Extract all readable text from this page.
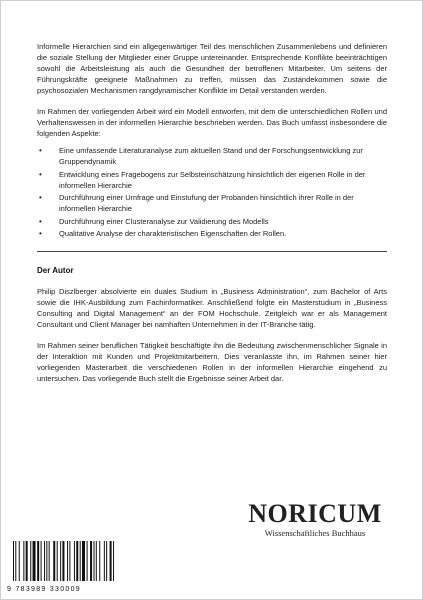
Informelle Hierarchien sind ein allgegenwärtiger Teil des menschlichen Zusammenlebens und definieren die soziale Stellung der Mitglieder einer Gruppe untereinander. Entsprechende Konflikte beeinträchtigen sowohl die Arbeitsleistung als auch die Gesundheit der betroffenen Mitarbeiter. Um seitens der Führungskräfte geeignete Maßnahmen zu treffen, müssen das Zustandekommen sowie die psychosozialen Mechanismen rangdynamischer Konflikte im Detail verstanden werden.

Im Rahmen der vorliegenden Arbeit wird ein Modell entworfen, mit dem die unterschiedlichen Rollen und Verhaltensweisen in der informellen Hierarchie beschrieben werden. Das Buch umfasst insbesondere die folgenden Aspekte:

• Eine umfassende Literaturanalyse zum aktuellen Stand und der Forschungsentwicklung zur Gruppendynamik
• Entwicklung eines Fragebogens zur Selbsteinschätzung hinsichtlich der eigenen Rolle in der informellen Hierarchie
• Durchführung einer Umfrage und Einstufung der Probanden hinsichtlich ihrer Rolle in der informellen Hierarchie
• Durchführung einer Clusteranalyse zur Validierung des Modells
• Qualitative Analyse der charakteristischen Eigenschaften der Rollen.
Der Autor

Philip Diszlberger absolvierte ein duales Studium in „Business Administration“, zum Bachelor of Arts sowie die IHK-Ausbildung zum Fachinformatiker. Anschließend folgte ein Masterstudium in „Business Consulting and Digital Management“ an der FOM Hochschule. Zeitgleich war er als Management Consultant und Client Manager bei namhaften Unternehmen in der IT-Branche tätig.

Im Rahmen seiner beruflichen Tätigkeit beschäftigte ihn die Bedeutung zwischenmenschlicher Signale in der Interaktion mit Kunden und Projektmitarbeitern. Dies veranlasste ihn, im Rahmen seiner hier vorliegenden Masterarbeit die verschiedenen Rollen in der informellen Hierarchie eingehend zu untersuchen. Das vorliegende Buch stellt die Ergebnisse seiner Arbeit dar.

NORICUM
Wissenschaftliches Buchhaus
9 783989 330009
